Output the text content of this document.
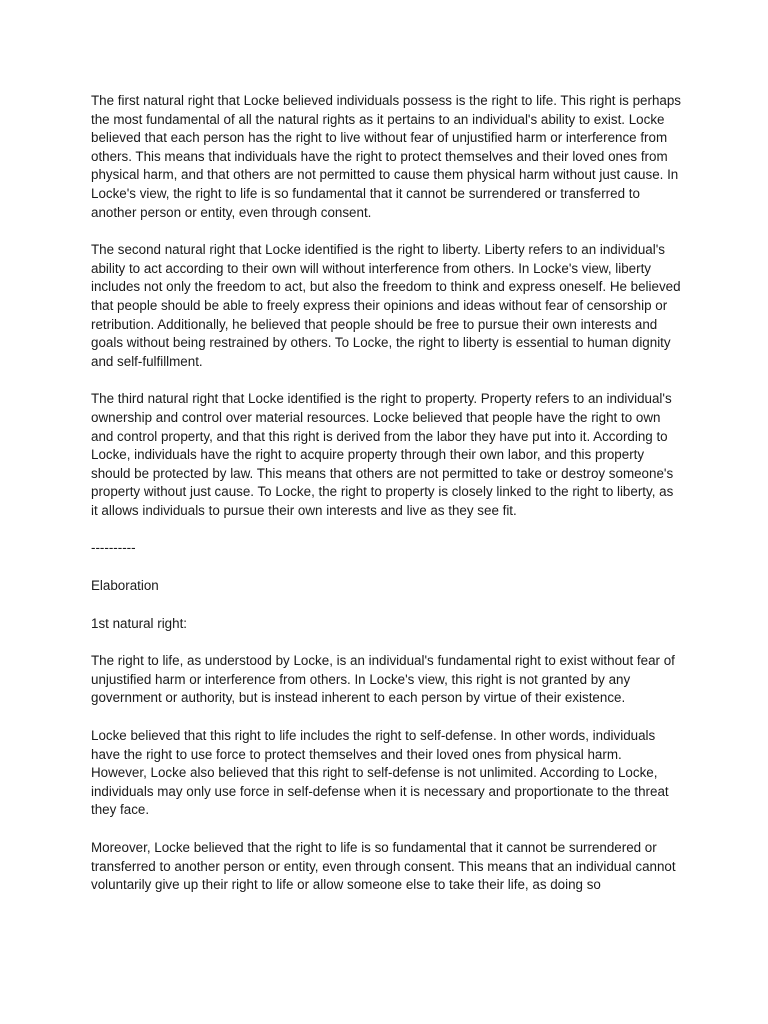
The first natural right that Locke believed individuals possess is the right to life. This right is perhaps the most fundamental of all the natural rights as it pertains to an individual's ability to exist. Locke believed that each person has the right to live without fear of unjustified harm or interference from others. This means that individuals have the right to protect themselves and their loved ones from physical harm, and that others are not permitted to cause them physical harm without just cause. In Locke's view, the right to life is so fundamental that it cannot be surrendered or transferred to another person or entity, even through consent.

The second natural right that Locke identified is the right to liberty. Liberty refers to an individual's ability to act according to their own will without interference from others. In Locke's view, liberty includes not only the freedom to act, but also the freedom to think and express oneself. He believed that people should be able to freely express their opinions and ideas without fear of censorship or retribution. Additionally, he believed that people should be free to pursue their own interests and goals without being restrained by others. To Locke, the right to liberty is essential to human dignity and self-fulfillment.

The third natural right that Locke identified is the right to property. Property refers to an individual's ownership and control over material resources. Locke believed that people have the right to own and control property, and that this right is derived from the labor they have put into it. According to Locke, individuals have the right to acquire property through their own labor, and this property should be protected by law. This means that others are not permitted to take or destroy someone's property without just cause. To Locke, the right to property is closely linked to the right to liberty, as it allows individuals to pursue their own interests and live as they see fit.

----------

Elaboration

1st natural right:

The right to life, as understood by Locke, is an individual's fundamental right to exist without fear of unjustified harm or interference from others. In Locke's view, this right is not granted by any government or authority, but is instead inherent to each person by virtue of their existence.

Locke believed that this right to life includes the right to self-defense. In other words, individuals have the right to use force to protect themselves and their loved ones from physical harm. However, Locke also believed that this right to self-defense is not unlimited. According to Locke, individuals may only use force in self-defense when it is necessary and proportionate to the threat they face.

Moreover, Locke believed that the right to life is so fundamental that it cannot be surrendered or transferred to another person or entity, even through consent. This means that an individual cannot voluntarily give up their right to life or allow someone else to take their life, as doing so
